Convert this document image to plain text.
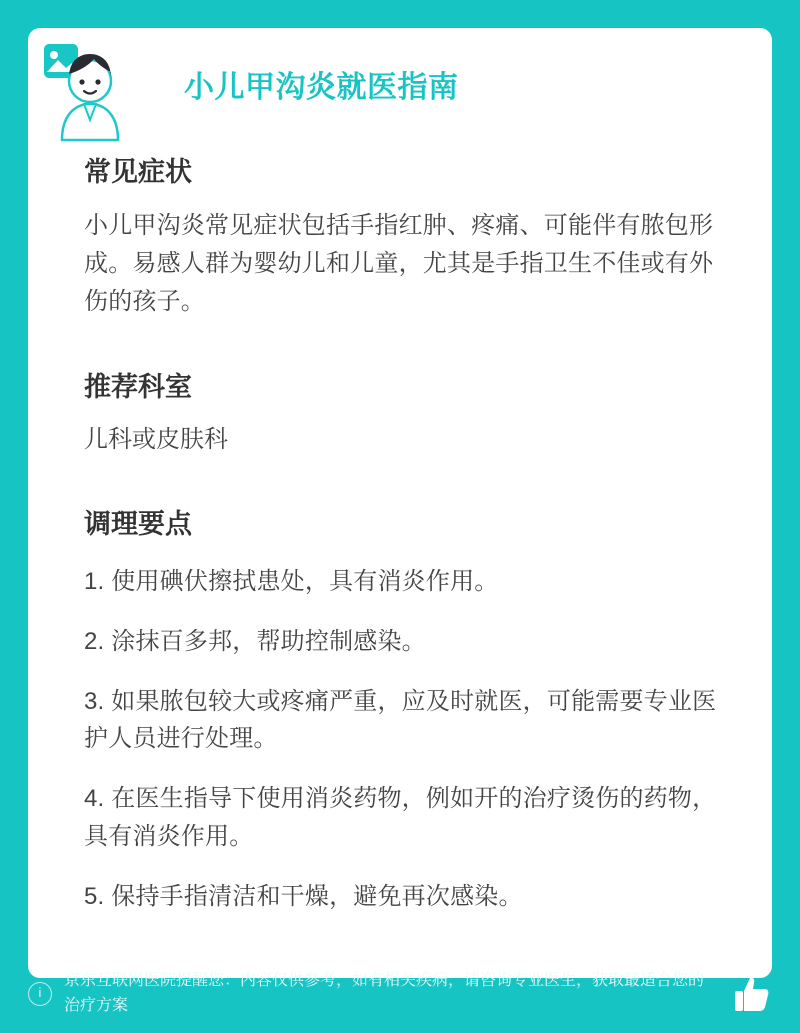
小儿甲沟炎就医指南
常见症状

小儿甲沟炎常见症状包括手指红肿、疼痛、可能伴有脓包形成。易感人群为婴幼儿和儿童，尤其是手指卫生不佳或有外伤的孩子。

推荐科室

儿科或皮肤科

调理要点
1. 使用碘伏擦拭患处，具有消炎作用。
2. 涂抹百多邦，帮助控制感染。
3. 如果脓包较大或疼痛严重，应及时就医，可能需要专业医护人员进行处理。
4. 在医生指导下使用消炎药物，例如开的治疗烫伤的药物，具有消炎作用。
5. 保持手指清洁和干燥，避免再次感染。
i
京东互联网医院提醒您：内容仅供参考，如有相关疾病，请咨询专业医生，获取最适合您的治疗方案
